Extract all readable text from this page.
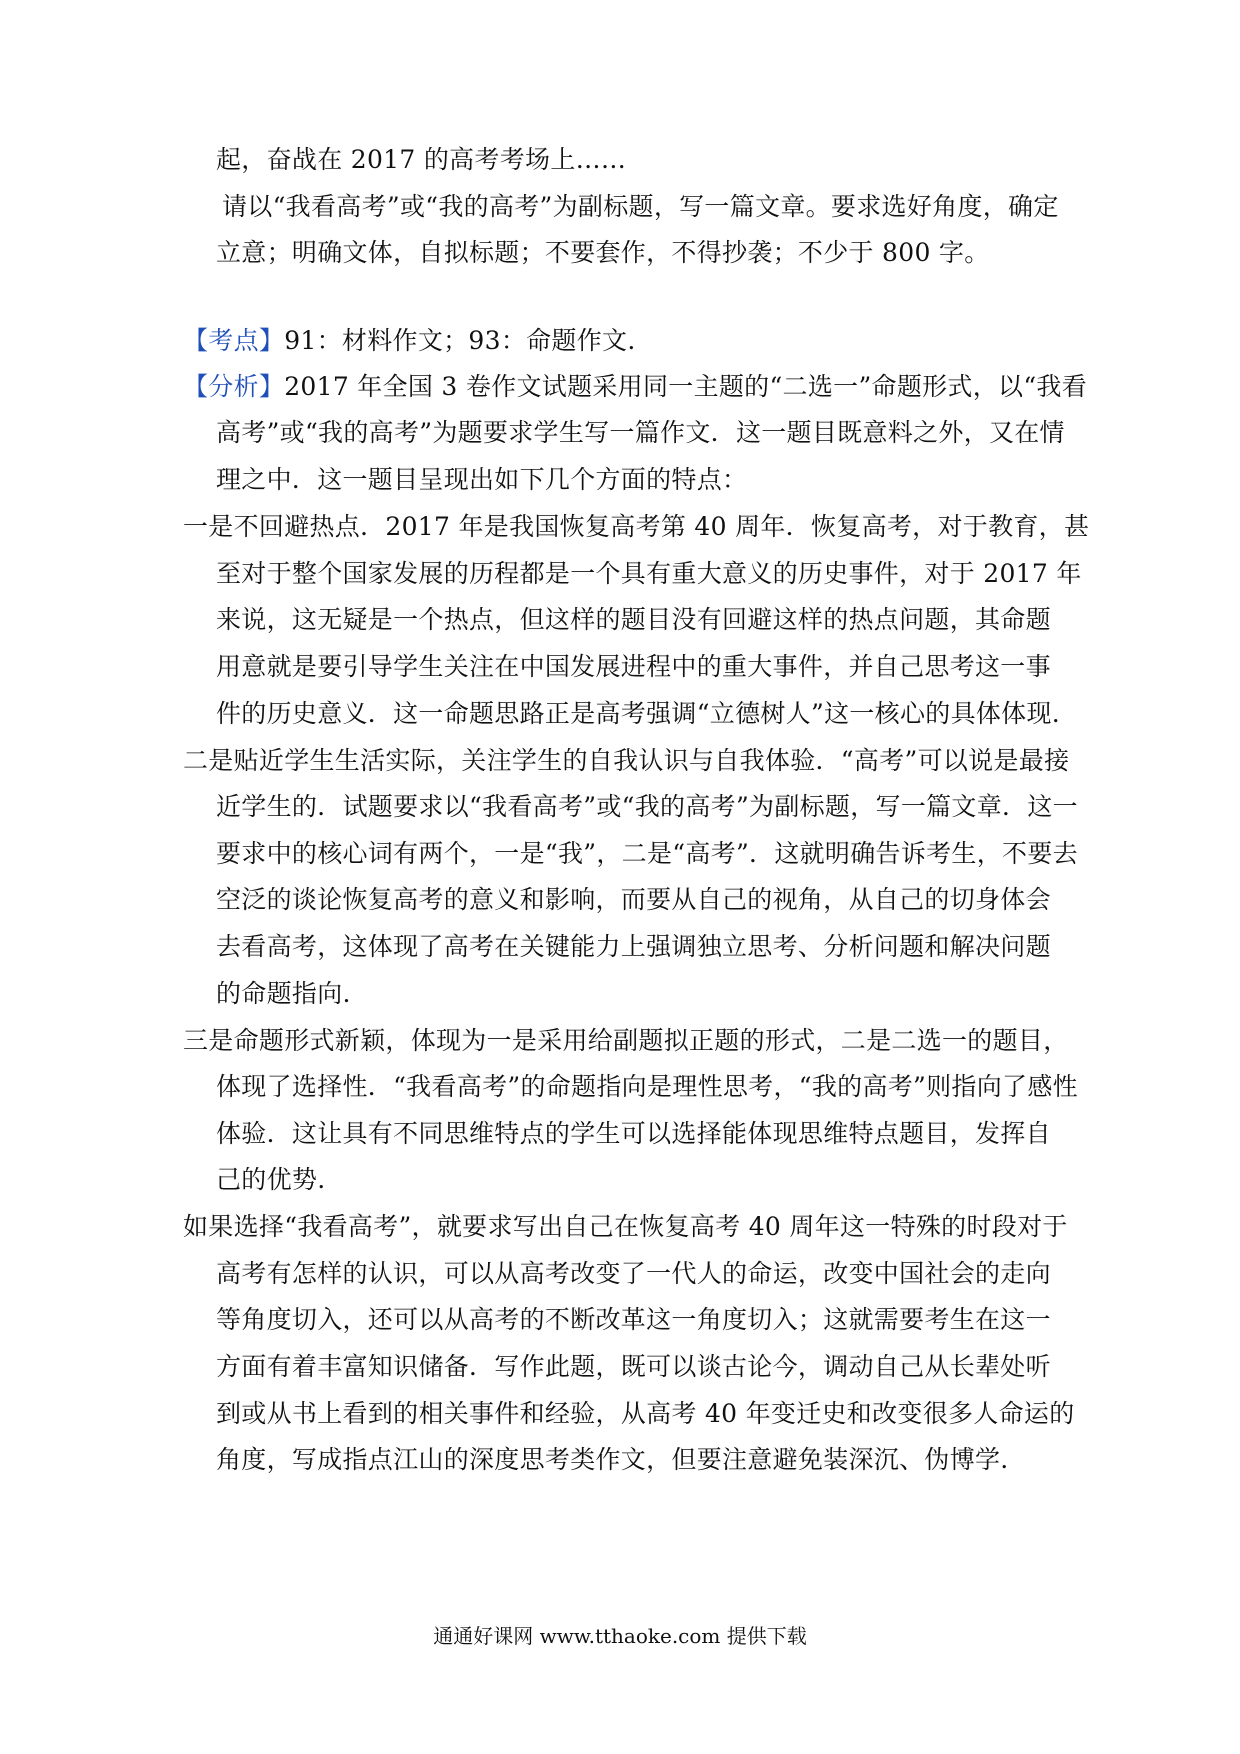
起，奋战在 2017 的高考考场上……
请以“我看高考”或“我的高考”为副标题，写一篇文章。要求选好角度，确定
立意；明确文体，自拟标题；不要套作，不得抄袭；不少于 800 字。
【考点】91：材料作文；93：命题作文.
【分析】2017 年全国 3 卷作文试题采用同一主题的“二选一”命题形式，以“我看
高考”或“我的高考”为题要求学生写一篇作文．这一题目既意料之外，又在情
理之中．这一题目呈现出如下几个方面的特点：
一是不回避热点．2017 年是我国恢复高考第 40 周年．恢复高考，对于教育，甚
至对于整个国家发展的历程都是一个具有重大意义的历史事件，对于 2017 年
来说，这无疑是一个热点，但这样的题目没有回避这样的热点问题，其命题
用意就是要引导学生关注在中国发展进程中的重大事件，并自己思考这一事
件的历史意义．这一命题思路正是高考强调“立德树人”这一核心的具体体现.
二是贴近学生生活实际，关注学生的自我认识与自我体验．“高考”可以说是最接
近学生的．试题要求以“我看高考”或“我的高考”为副标题，写一篇文章．这一
要求中的核心词有两个，一是“我”，二是“高考”．这就明确告诉考生，不要去
空泛的谈论恢复高考的意义和影响，而要从自己的视角，从自己的切身体会
去看高考，这体现了高考在关键能力上强调独立思考、分析问题和解决问题
的命题指向.
三是命题形式新颖，体现为一是采用给副题拟正题的形式，二是二选一的题目，
体现了选择性．“我看高考”的命题指向是理性思考，“我的高考”则指向了感性
体验．这让具有不同思维特点的学生可以选择能体现思维特点题目，发挥自
己的优势.
如果选择“我看高考”，就要求写出自己在恢复高考 40 周年这一特殊的时段对于
高考有怎样的认识，可以从高考改变了一代人的命运，改变中国社会的走向
等角度切入，还可以从高考的不断改革这一角度切入；这就需要考生在这一
方面有着丰富知识储备．写作此题，既可以谈古论今，调动自己从长辈处听
到或从书上看到的相关事件和经验，从高考 40 年变迁史和改变很多人命运的
角度，写成指点江山的深度思考类作文，但要注意避免装深沉、伪博学.
通通好课网 www.tthaoke.com 提供下载
